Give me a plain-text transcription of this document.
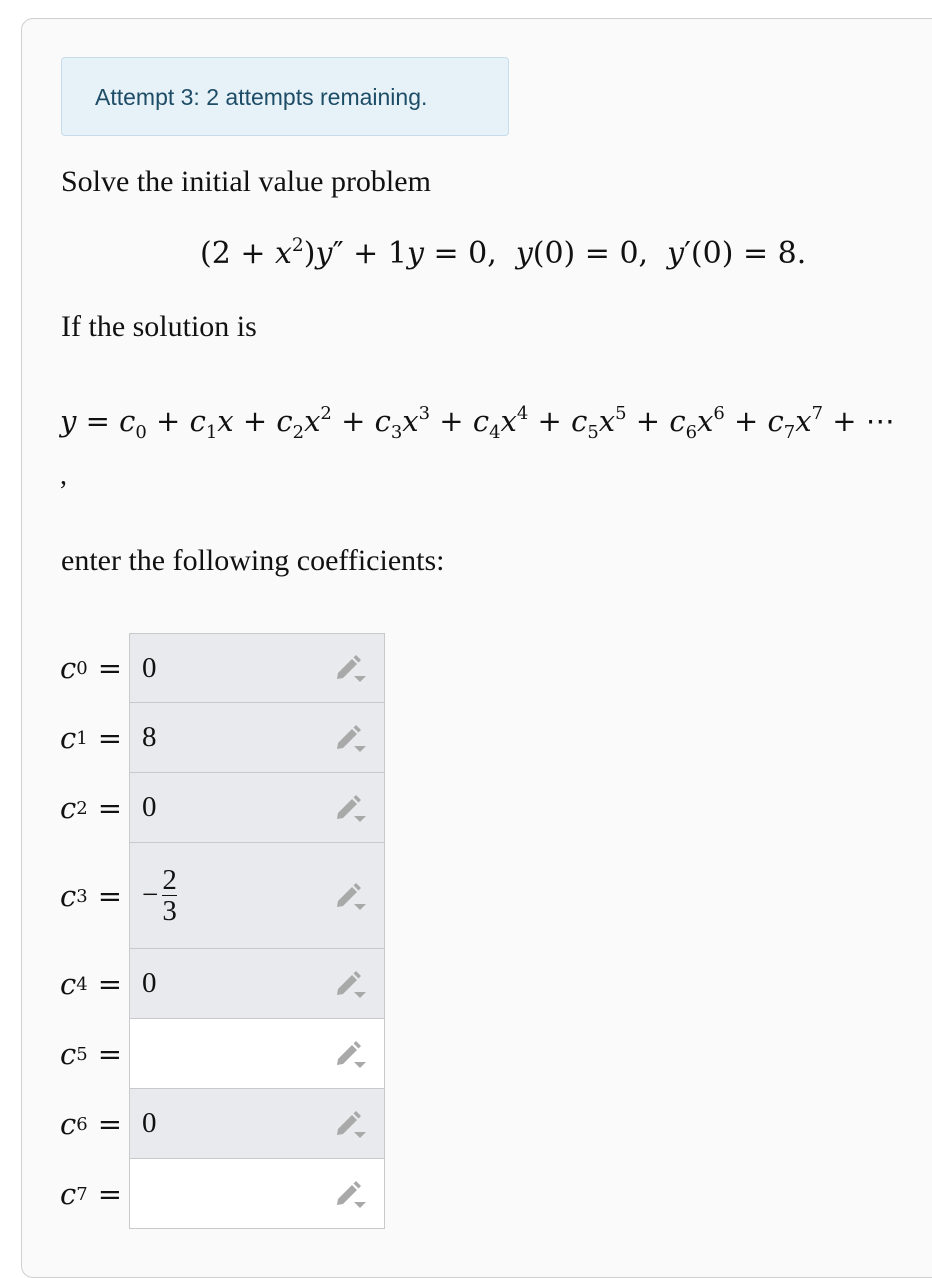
Attempt 3: 2 attempts remaining.
Solve the initial value problem
$(2 + x^2)y'' + 1y = 0$,  y(0) = 0,  y′(0) = 8.
If the solution is
$y = c_0 + c_1x + c_2x^2 + c_3x^3 + c_4x^4 + c_5x^5 + c_6x^6 + c_7x^7$ + ⋯
,
enter the following coefficients:
c 0 = 0
c 1 = 8
c 2 = 0
c 3 = − $\frac{2}{3}$
c 4 = 0
c 5 =
c 6 = 0
c 7 =
